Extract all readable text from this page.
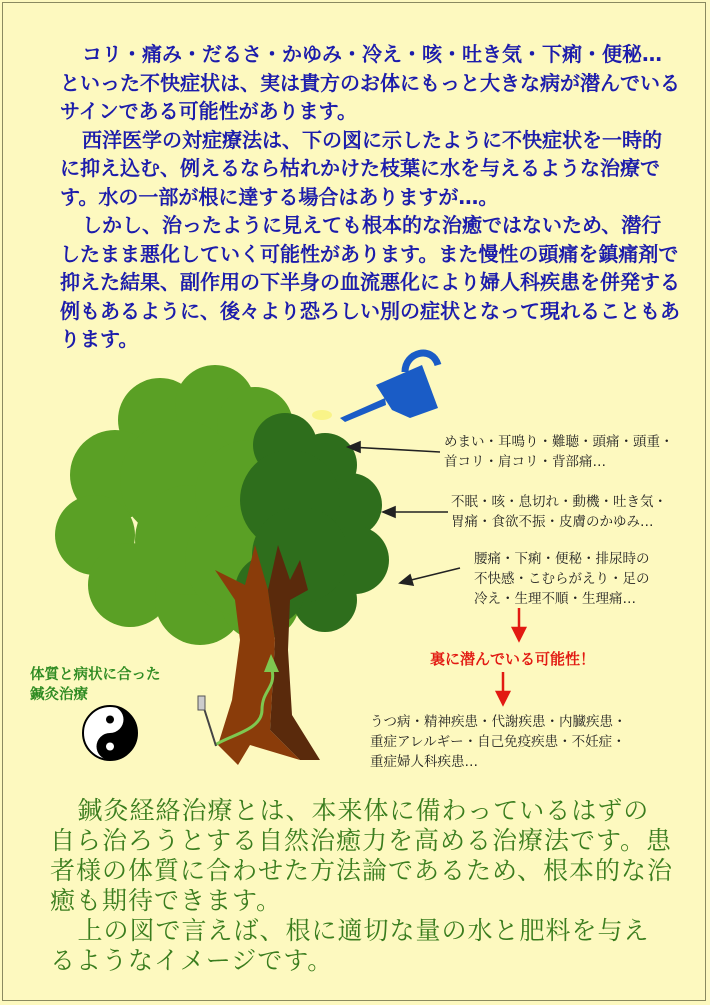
コリ・痛み・だるさ・かゆみ・冷え・咳・吐き気・下痢・便秘…といった不快症状は、実は貴方のお体にもっと大きな病が潜んでいるサインである可能性があります。

西洋医学の対症療法は、下の図に示したように不快症状を一時的に抑え込む、例えるなら枯れかけた枝葉に水を与えるような治療です。水の一部が根に達する場合はありますが…。

しかし、治ったように見えても根本的な治癒ではないため、潜行したまま悪化していく可能性があります。また慢性の頭痛を鎮痛剤で抑えた結果、副作用の下半身の血流悪化により婦人科疾患を併発する例もあるように、後々より恐ろしい別の症状となって現れることもあります。

めまい・耳鳴り・難聴・頭痛・頭重・
首コリ・肩コリ・背部痛…
不眠・咳・息切れ・動機・吐き気・
胃痛・食欲不振・皮膚のかゆみ…
腰痛・下痢・便秘・排尿時の
不快感・こむらがえり・足の
冷え・生理不順・生理痛…
裏に潜んでいる可能性！
うつ病・精神疾患・代謝疾患・内臓疾患・
重症アレルギー・自己免疫疾患・不妊症・
重症婦人科疾患…
体質と病状に合った
鍼灸治療

鍼灸経絡治療とは、本来体に備わっているはずの自ら治ろうとする自然治癒力を高める治療法です。患者様の体質に合わせた方法論であるため、根本的な治癒も期待できます。

上の図で言えば、根に適切な量の水と肥料を与えるようなイメージです。
